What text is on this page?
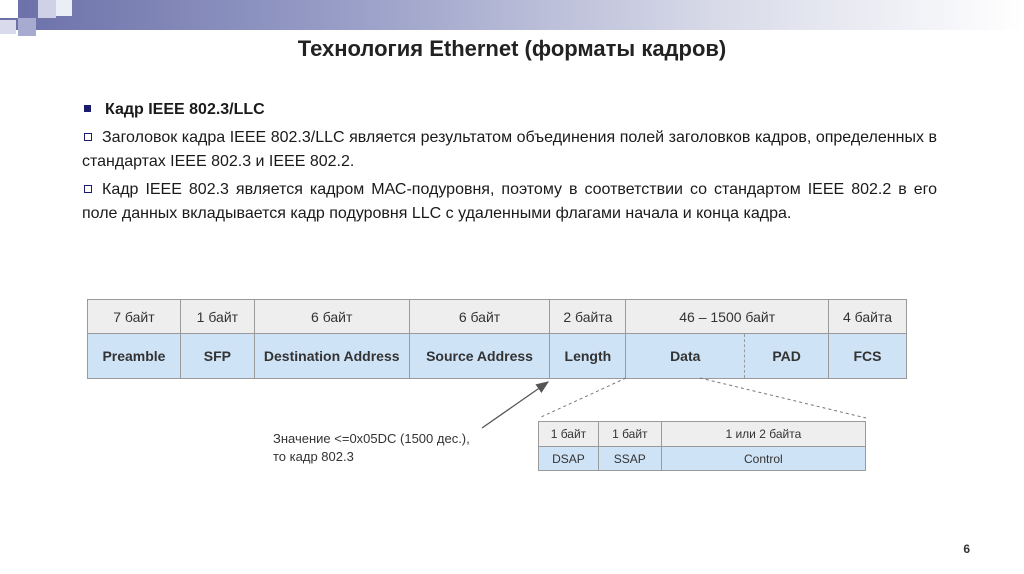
Технология Ethernet (форматы кадров)
Кадр IEEE 802.3/LLC
Заголовок кадра IEEE 802.3/LLC является результатом объединения полей заголовков кадров, определенных в стандартах IEEE 802.3 и IEEE 802.2.
Кадр IEEE 802.3 является кадром МАС-подуровня, поэтому в соответствии со стандартом IEEE 802.2 в его поле данных вкладывается кадр подуровня LLC с удаленными флагами начала и конца кадра.
7 байт	1 байт	6 байт	6 байт	2 байта	46 – 1500 байт		4 байта
Preamble	SFP	Destination Address	Source Address	Length	Data	PAD	FCS
1 байт	1 байт	1 или 2 байта
DSAP	SSAP	Control
Значение <=0x05DC (1500 дес.),
то кадр 802.3
6
